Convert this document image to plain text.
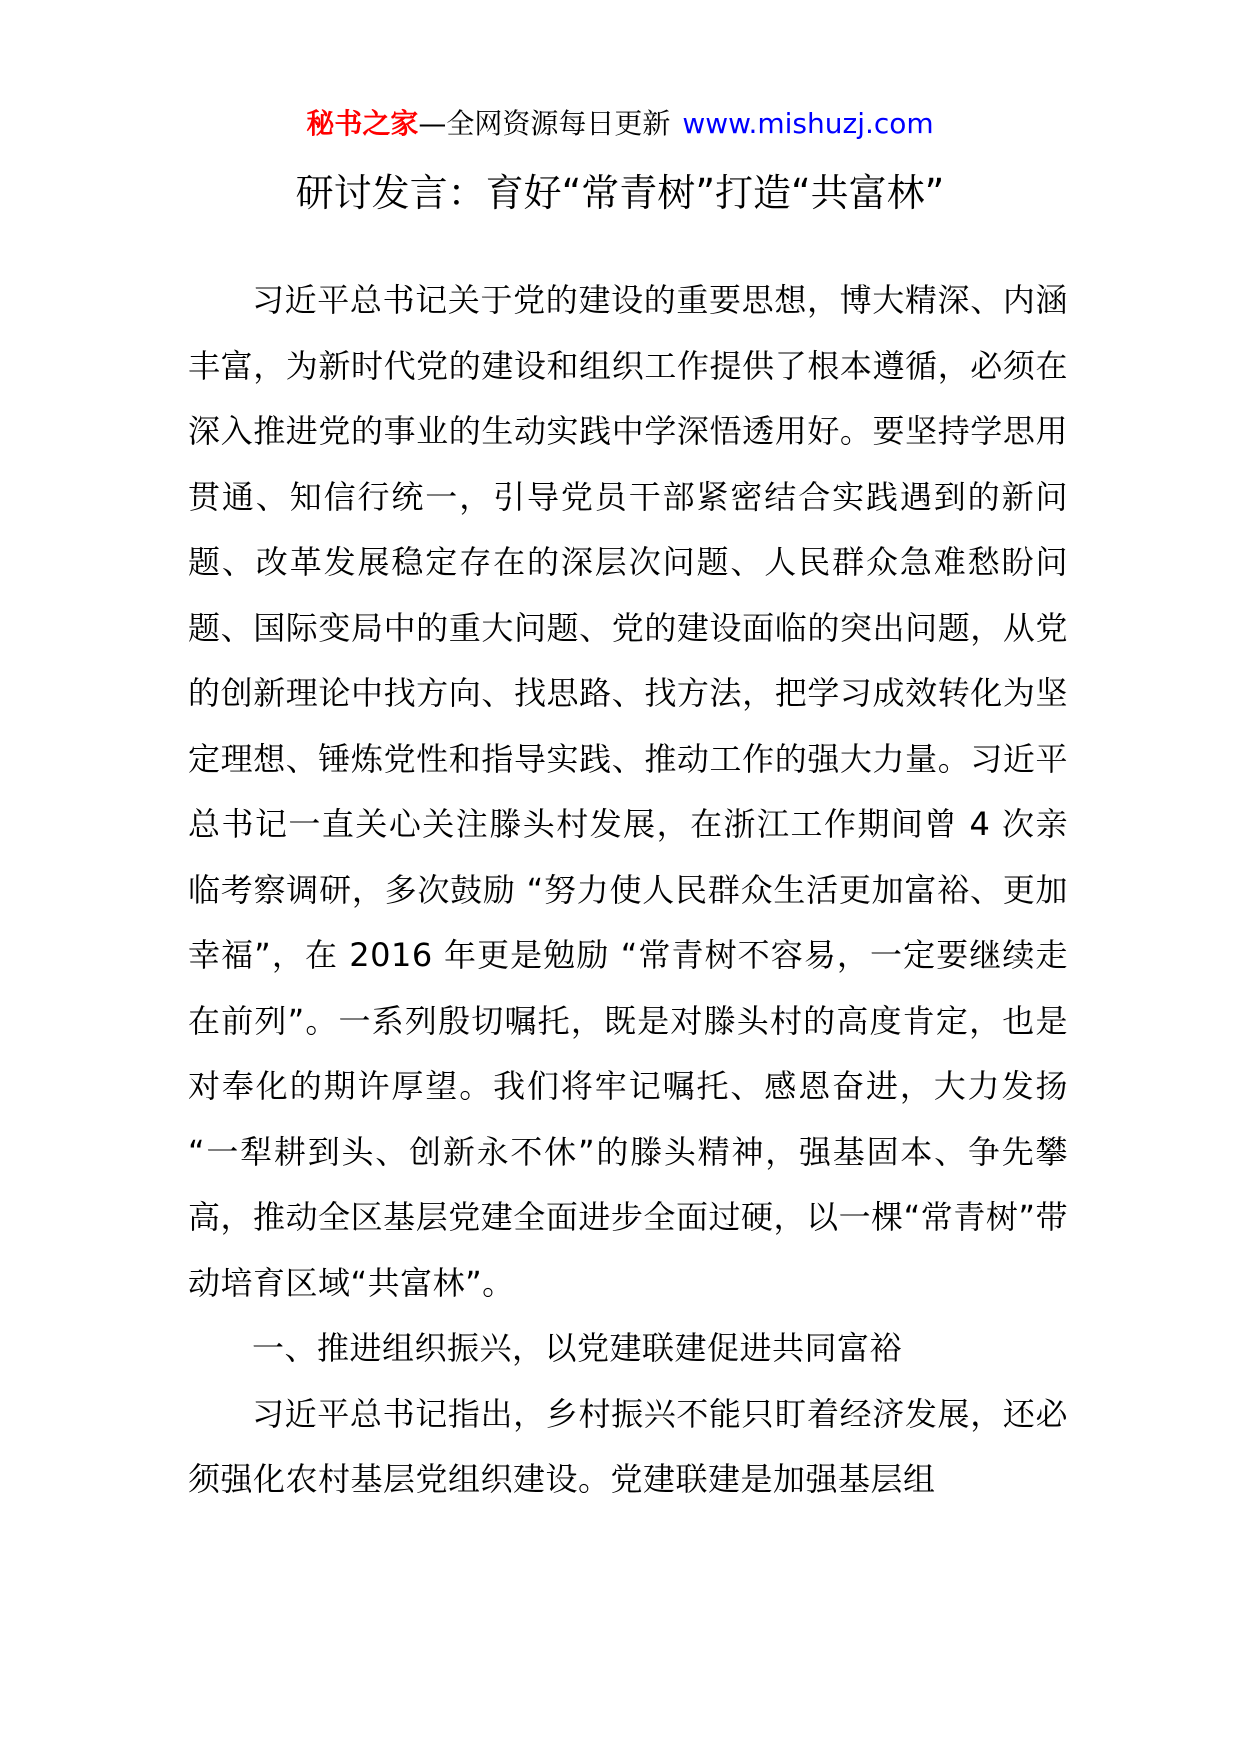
秘书之家—全网资源每日更新 www.mishuzj.com
研讨发言：育好“常青树”打造“共富林”

习近平总书记关于党的建设的重要思想，博大精深、内涵丰富，为新时代党的建设和组织工作提供了根本遵循，必须在深入推进党的事业的生动实践中学深悟透用好。要坚持学思用贯通、知信行统一，引导党员干部紧密结合实践遇到的新问题、改革发展稳定存在的深层次问题、人民群众急难愁盼问题、国际变局中的重大问题、党的建设面临的突出问题，从党的创新理论中找方向、找思路、找方法，把学习成效转化为坚定理想、锤炼党性和指导实践、推动工作的强大力量。习近平总书记一直关心关注滕头村发展，在浙江工作期间曾 4 次亲临考察调研，多次鼓励 “努力使人民群众生活更加富裕、更加幸福”，在 2016 年更是勉励 “常青树不容易，一定要继续走在前列”。一系列殷切嘱托，既是对滕头村的高度肯定，也是对奉化的期许厚望。我们将牢记嘱托、感恩奋进，大力发扬 “一犁耕到头、创新永不休”的滕头精神，强基固本、争先攀高，推动全区基层党建全面进步全面过硬，以一棵“常青树”带动培育区域“共富林”。

一、推进组织振兴，以党建联建促进共同富裕

习近平总书记指出，乡村振兴不能只盯着经济发展，还必须强化农村基层党组织建设。党建联建是加强基层组
